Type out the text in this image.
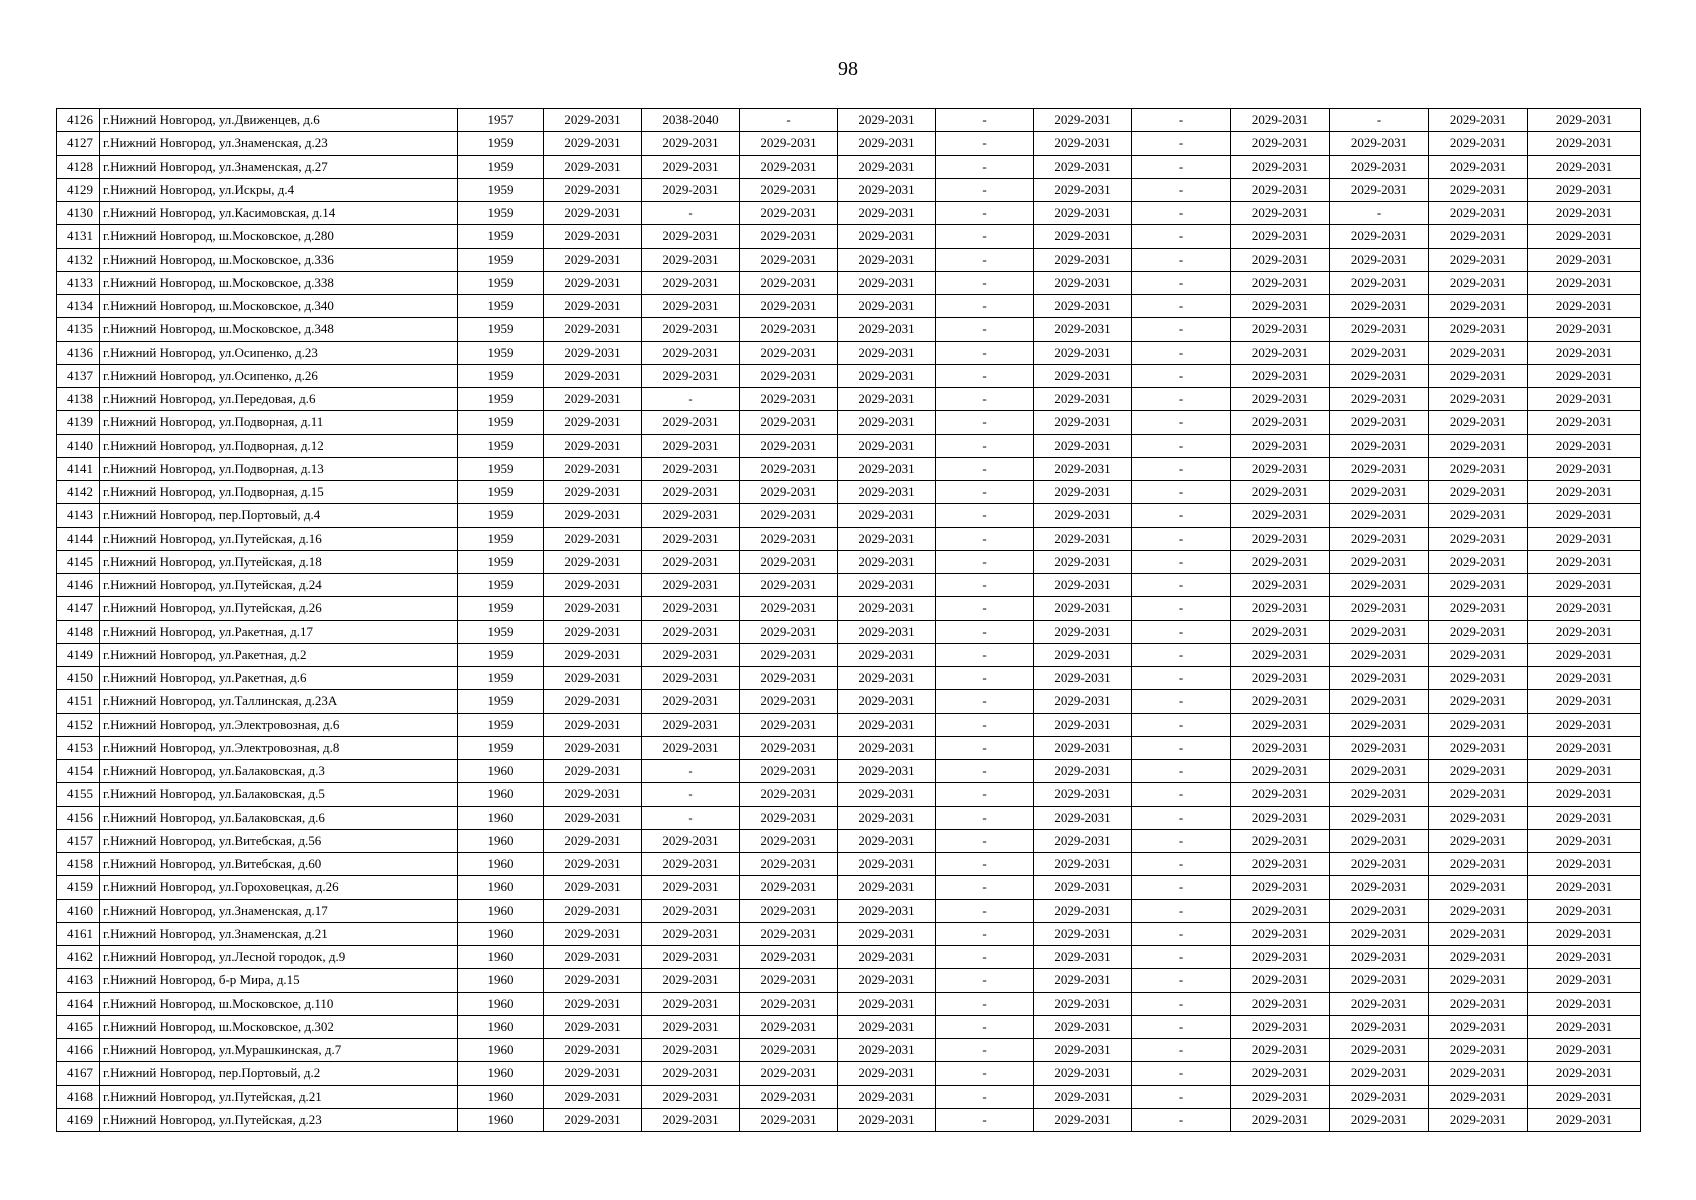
98
4126	г.Нижний Новгород, ул.Движенцев, д.6	1957	2029-2031	2038-2040	-	2029-2031	-	2029-2031	-	2029-2031	-	2029-2031	2029-2031
4127	г.Нижний Новгород, ул.Знаменская, д.23	1959	2029-2031	2029-2031	2029-2031	2029-2031	-	2029-2031	-	2029-2031	2029-2031	2029-2031	2029-2031
4128	г.Нижний Новгород, ул.Знаменская, д.27	1959	2029-2031	2029-2031	2029-2031	2029-2031	-	2029-2031	-	2029-2031	2029-2031	2029-2031	2029-2031
4129	г.Нижний Новгород, ул.Искры, д.4	1959	2029-2031	2029-2031	2029-2031	2029-2031	-	2029-2031	-	2029-2031	2029-2031	2029-2031	2029-2031
4130	г.Нижний Новгород, ул.Касимовская, д.14	1959	2029-2031	-	2029-2031	2029-2031	-	2029-2031	-	2029-2031	-	2029-2031	2029-2031
4131	г.Нижний Новгород, ш.Московское, д.280	1959	2029-2031	2029-2031	2029-2031	2029-2031	-	2029-2031	-	2029-2031	2029-2031	2029-2031	2029-2031
4132	г.Нижний Новгород, ш.Московское, д.336	1959	2029-2031	2029-2031	2029-2031	2029-2031	-	2029-2031	-	2029-2031	2029-2031	2029-2031	2029-2031
4133	г.Нижний Новгород, ш.Московское, д.338	1959	2029-2031	2029-2031	2029-2031	2029-2031	-	2029-2031	-	2029-2031	2029-2031	2029-2031	2029-2031
4134	г.Нижний Новгород, ш.Московское, д.340	1959	2029-2031	2029-2031	2029-2031	2029-2031	-	2029-2031	-	2029-2031	2029-2031	2029-2031	2029-2031
4135	г.Нижний Новгород, ш.Московское, д.348	1959	2029-2031	2029-2031	2029-2031	2029-2031	-	2029-2031	-	2029-2031	2029-2031	2029-2031	2029-2031
4136	г.Нижний Новгород, ул.Осипенко, д.23	1959	2029-2031	2029-2031	2029-2031	2029-2031	-	2029-2031	-	2029-2031	2029-2031	2029-2031	2029-2031
4137	г.Нижний Новгород, ул.Осипенко, д.26	1959	2029-2031	2029-2031	2029-2031	2029-2031	-	2029-2031	-	2029-2031	2029-2031	2029-2031	2029-2031
4138	г.Нижний Новгород, ул.Передовая, д.6	1959	2029-2031	-	2029-2031	2029-2031	-	2029-2031	-	2029-2031	2029-2031	2029-2031	2029-2031
4139	г.Нижний Новгород, ул.Подворная, д.11	1959	2029-2031	2029-2031	2029-2031	2029-2031	-	2029-2031	-	2029-2031	2029-2031	2029-2031	2029-2031
4140	г.Нижний Новгород, ул.Подворная, д.12	1959	2029-2031	2029-2031	2029-2031	2029-2031	-	2029-2031	-	2029-2031	2029-2031	2029-2031	2029-2031
4141	г.Нижний Новгород, ул.Подворная, д.13	1959	2029-2031	2029-2031	2029-2031	2029-2031	-	2029-2031	-	2029-2031	2029-2031	2029-2031	2029-2031
4142	г.Нижний Новгород, ул.Подворная, д.15	1959	2029-2031	2029-2031	2029-2031	2029-2031	-	2029-2031	-	2029-2031	2029-2031	2029-2031	2029-2031
4143	г.Нижний Новгород, пер.Портовый, д.4	1959	2029-2031	2029-2031	2029-2031	2029-2031	-	2029-2031	-	2029-2031	2029-2031	2029-2031	2029-2031
4144	г.Нижний Новгород, ул.Путейская, д.16	1959	2029-2031	2029-2031	2029-2031	2029-2031	-	2029-2031	-	2029-2031	2029-2031	2029-2031	2029-2031
4145	г.Нижний Новгород, ул.Путейская, д.18	1959	2029-2031	2029-2031	2029-2031	2029-2031	-	2029-2031	-	2029-2031	2029-2031	2029-2031	2029-2031
4146	г.Нижний Новгород, ул.Путейская, д.24	1959	2029-2031	2029-2031	2029-2031	2029-2031	-	2029-2031	-	2029-2031	2029-2031	2029-2031	2029-2031
4147	г.Нижний Новгород, ул.Путейская, д.26	1959	2029-2031	2029-2031	2029-2031	2029-2031	-	2029-2031	-	2029-2031	2029-2031	2029-2031	2029-2031
4148	г.Нижний Новгород, ул.Ракетная, д.17	1959	2029-2031	2029-2031	2029-2031	2029-2031	-	2029-2031	-	2029-2031	2029-2031	2029-2031	2029-2031
4149	г.Нижний Новгород, ул.Ракетная, д.2	1959	2029-2031	2029-2031	2029-2031	2029-2031	-	2029-2031	-	2029-2031	2029-2031	2029-2031	2029-2031
4150	г.Нижний Новгород, ул.Ракетная, д.6	1959	2029-2031	2029-2031	2029-2031	2029-2031	-	2029-2031	-	2029-2031	2029-2031	2029-2031	2029-2031
4151	г.Нижний Новгород, ул.Таллинская, д.23А	1959	2029-2031	2029-2031	2029-2031	2029-2031	-	2029-2031	-	2029-2031	2029-2031	2029-2031	2029-2031
4152	г.Нижний Новгород, ул.Электровозная, д.6	1959	2029-2031	2029-2031	2029-2031	2029-2031	-	2029-2031	-	2029-2031	2029-2031	2029-2031	2029-2031
4153	г.Нижний Новгород, ул.Электровозная, д.8	1959	2029-2031	2029-2031	2029-2031	2029-2031	-	2029-2031	-	2029-2031	2029-2031	2029-2031	2029-2031
4154	г.Нижний Новгород, ул.Балаковская, д.3	1960	2029-2031	-	2029-2031	2029-2031	-	2029-2031	-	2029-2031	2029-2031	2029-2031	2029-2031
4155	г.Нижний Новгород, ул.Балаковская, д.5	1960	2029-2031	-	2029-2031	2029-2031	-	2029-2031	-	2029-2031	2029-2031	2029-2031	2029-2031
4156	г.Нижний Новгород, ул.Балаковская, д.6	1960	2029-2031	-	2029-2031	2029-2031	-	2029-2031	-	2029-2031	2029-2031	2029-2031	2029-2031
4157	г.Нижний Новгород, ул.Витебская, д.56	1960	2029-2031	2029-2031	2029-2031	2029-2031	-	2029-2031	-	2029-2031	2029-2031	2029-2031	2029-2031
4158	г.Нижний Новгород, ул.Витебская, д.60	1960	2029-2031	2029-2031	2029-2031	2029-2031	-	2029-2031	-	2029-2031	2029-2031	2029-2031	2029-2031
4159	г.Нижний Новгород, ул.Гороховецкая, д.26	1960	2029-2031	2029-2031	2029-2031	2029-2031	-	2029-2031	-	2029-2031	2029-2031	2029-2031	2029-2031
4160	г.Нижний Новгород, ул.Знаменская, д.17	1960	2029-2031	2029-2031	2029-2031	2029-2031	-	2029-2031	-	2029-2031	2029-2031	2029-2031	2029-2031
4161	г.Нижний Новгород, ул.Знаменская, д.21	1960	2029-2031	2029-2031	2029-2031	2029-2031	-	2029-2031	-	2029-2031	2029-2031	2029-2031	2029-2031
4162	г.Нижний Новгород, ул.Лесной городок, д.9	1960	2029-2031	2029-2031	2029-2031	2029-2031	-	2029-2031	-	2029-2031	2029-2031	2029-2031	2029-2031
4163	г.Нижний Новгород, б-р Мира, д.15	1960	2029-2031	2029-2031	2029-2031	2029-2031	-	2029-2031	-	2029-2031	2029-2031	2029-2031	2029-2031
4164	г.Нижний Новгород, ш.Московское, д.110	1960	2029-2031	2029-2031	2029-2031	2029-2031	-	2029-2031	-	2029-2031	2029-2031	2029-2031	2029-2031
4165	г.Нижний Новгород, ш.Московское, д.302	1960	2029-2031	2029-2031	2029-2031	2029-2031	-	2029-2031	-	2029-2031	2029-2031	2029-2031	2029-2031
4166	г.Нижний Новгород, ул.Мурашкинская, д.7	1960	2029-2031	2029-2031	2029-2031	2029-2031	-	2029-2031	-	2029-2031	2029-2031	2029-2031	2029-2031
4167	г.Нижний Новгород, пер.Портовый, д.2	1960	2029-2031	2029-2031	2029-2031	2029-2031	-	2029-2031	-	2029-2031	2029-2031	2029-2031	2029-2031
4168	г.Нижний Новгород, ул.Путейская, д.21	1960	2029-2031	2029-2031	2029-2031	2029-2031	-	2029-2031	-	2029-2031	2029-2031	2029-2031	2029-2031
4169	г.Нижний Новгород, ул.Путейская, д.23	1960	2029-2031	2029-2031	2029-2031	2029-2031	-	2029-2031	-	2029-2031	2029-2031	2029-2031	2029-2031
